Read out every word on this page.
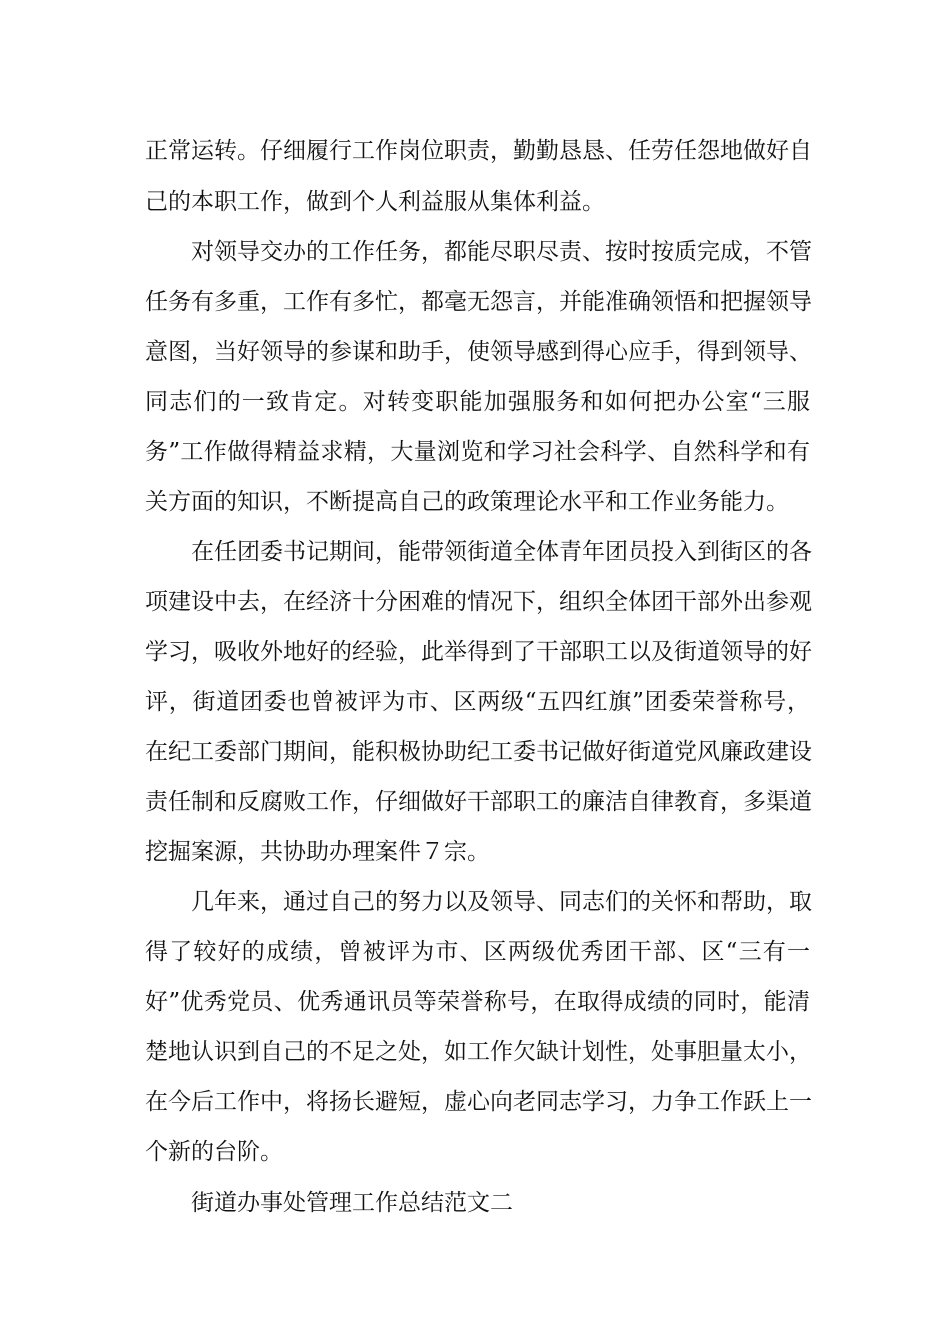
正常运转。仔细履行工作岗位职责，勤勤恳恳、任劳任怨地做好自
己的本职工作，做到个人利益服从集体利益。
对领导交办的工作任务，都能尽职尽责、按时按质完成，不管
任务有多重，工作有多忙，都毫无怨言，并能准确领悟和把握领导
意图，当好领导的参谋和助手，使领导感到得心应手，得到领导、
同志们的一致肯定。对转变职能加强服务和如何把办公室“三服
务”工作做得精益求精，大量浏览和学习社会科学、自然科学和有
关方面的知识，不断提高自己的政策理论水平和工作业务能力。
在任团委书记期间，能带领街道全体青年团员投入到街区的各
项建设中去，在经济十分困难的情况下，组织全体团干部外出参观
学习，吸收外地好的经验，此举得到了干部职工以及街道领导的好
评，街道团委也曾被评为市、区两级“五四红旗”团委荣誉称号，
在纪工委部门期间，能积极协助纪工委书记做好街道党风廉政建设
责任制和反腐败工作，仔细做好干部职工的廉洁自律教育，多渠道
挖掘案源，共协助办理案件７宗。
几年来，通过自己的努力以及领导、同志们的关怀和帮助，取
得了较好的成绩，曾被评为市、区两级优秀团干部、区“三有一
好”优秀党员、优秀通讯员等荣誉称号，在取得成绩的同时，能清
楚地认识到自己的不足之处，如工作欠缺计划性，处事胆量太小，
在今后工作中，将扬长避短，虚心向老同志学习，力争工作跃上一
个新的台阶。
街道办事处管理工作总结范文二
